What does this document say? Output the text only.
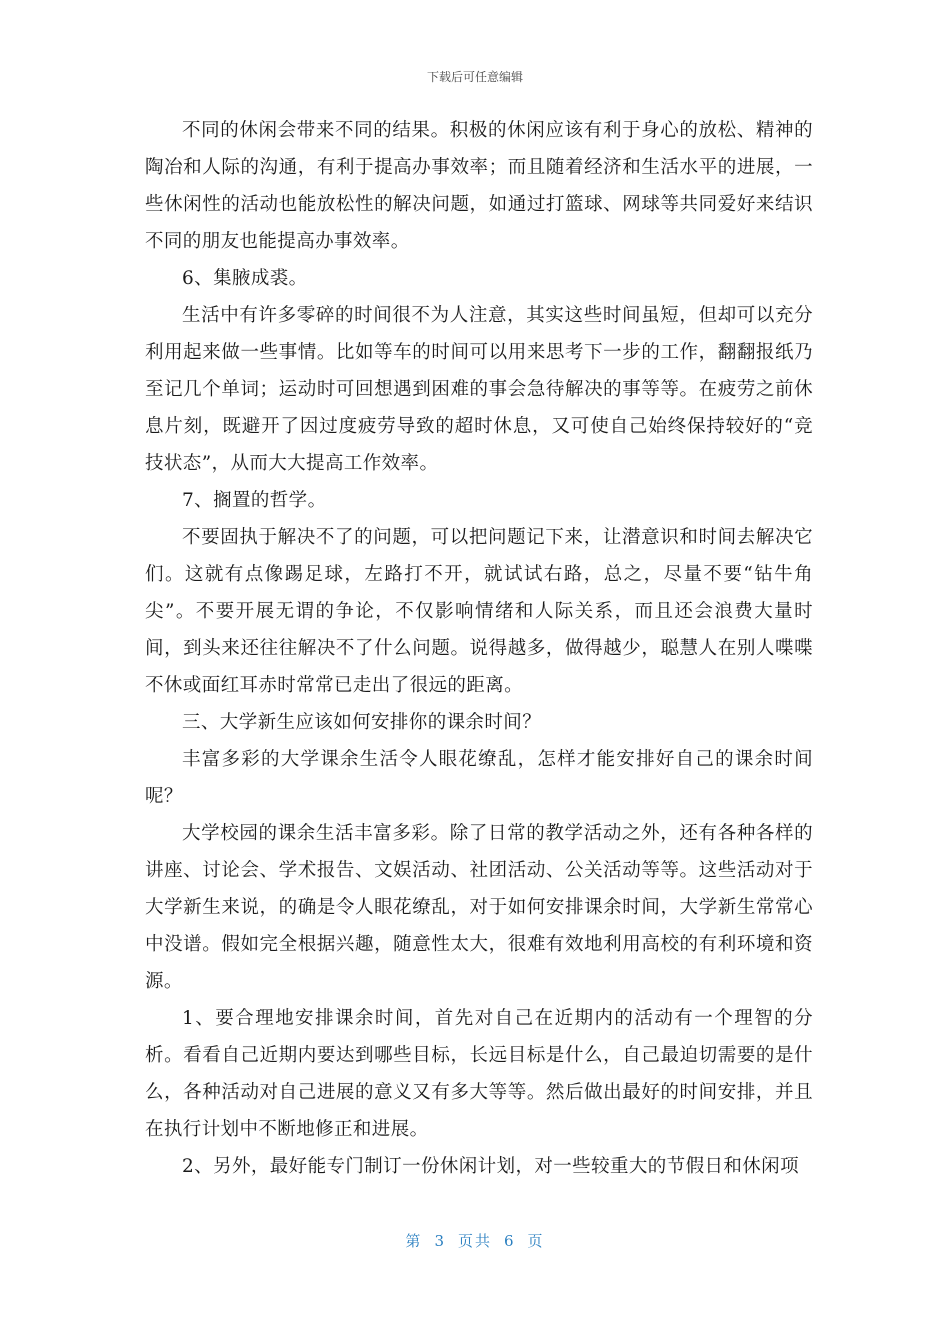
下载后可任意编辑

不同的休闲会带来不同的结果。积极的休闲应该有利于身心的放松、精神的陶冶和人际的沟通，有利于提高办事效率；而且随着经济和生活水平的进展，一些休闲性的活动也能放松性的解决问题，如通过打篮球、网球等共同爱好来结识不同的朋友也能提高办事效率。

6、集腋成裘。

生活中有许多零碎的时间很不为人注意，其实这些时间虽短，但却可以充分利用起来做一些事情。比如等车的时间可以用来思考下一步的工作，翻翻报纸乃至记几个单词；运动时可回想遇到困难的事会急待解决的事等等。在疲劳之前休息片刻，既避开了因过度疲劳导致的超时休息，又可使自己始终保持较好的“竞技状态”，从而大大提高工作效率。

7、搁置的哲学。

不要固执于解决不了的问题，可以把问题记下来，让潜意识和时间去解决它们。这就有点像踢足球，左路打不开，就试试右路，总之，尽量不要“钻牛角尖”。不要开展无谓的争论，不仅影响情绪和人际关系，而且还会浪费大量时间，到头来还往往解决不了什么问题。说得越多，做得越少，聪慧人在别人喋喋不休或面红耳赤时常常已走出了很远的距离。

三、大学新生应该如何安排你的课余时间？

丰富多彩的大学课余生活令人眼花缭乱，怎样才能安排好自己的课余时间呢？

大学校园的课余生活丰富多彩。除了日常的教学活动之外，还有各种各样的讲座、讨论会、学术报告、文娱活动、社团活动、公关活动等等。这些活动对于大学新生来说，的确是令人眼花缭乱，对于如何安排课余时间，大学新生常常心中没谱。假如完全根据兴趣，随意性太大，很难有效地利用高校的有利环境和资源。

1、要合理地安排课余时间，首先对自己在近期内的活动有一个理智的分析。看看自己近期内要达到哪些目标，长远目标是什么，自己最迫切需要的是什么，各种活动对自己进展的意义又有多大等等。然后做出最好的时间安排，并且在执行计划中不断地修正和进展。

2、另外，最好能专门制订一份休闲计划，对一些较重大的节假日和休闲项

第 3 页共 6 页
